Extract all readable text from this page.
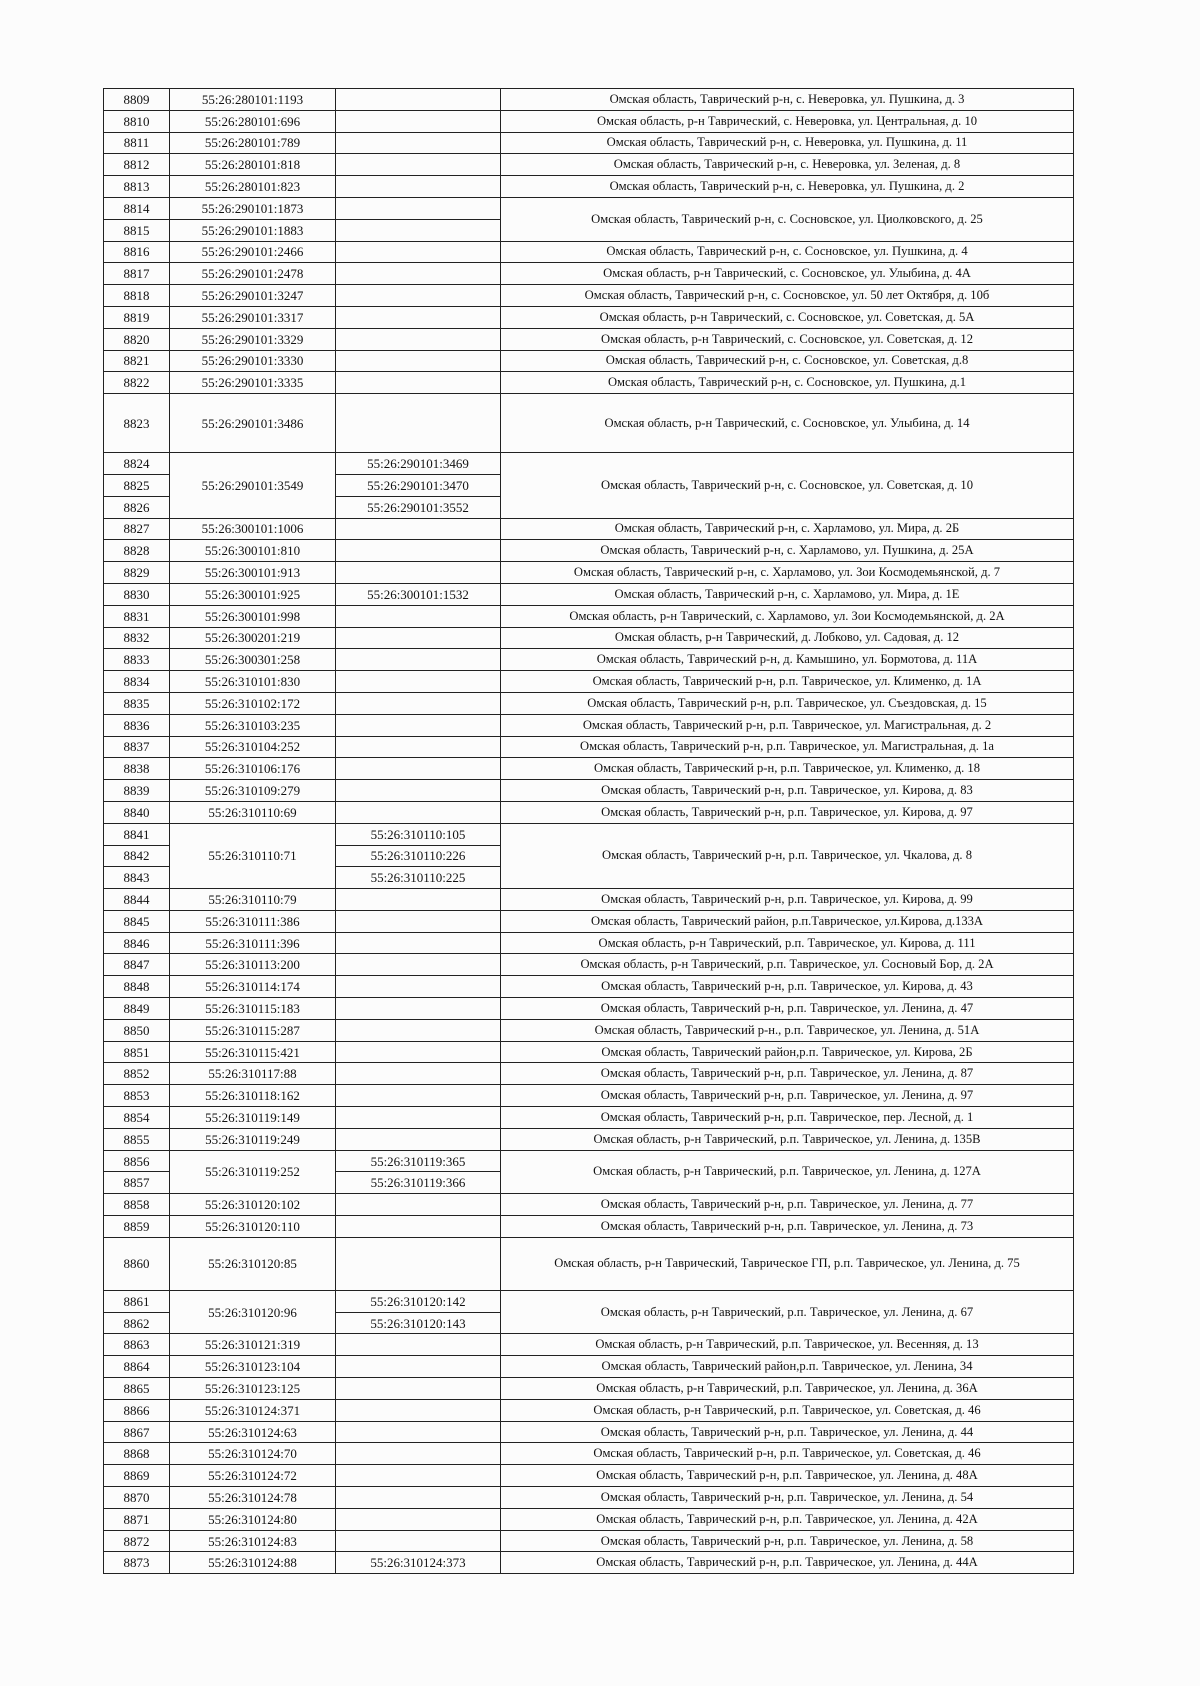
8809	55:26:280101:1193		Омская область, Таврический р-н, с. Неверовка, ул. Пушкина, д. 3
8810	55:26:280101:696		Омская область, р-н Таврический, с. Неверовка, ул. Центральная, д. 10
8811	55:26:280101:789		Омская область, Таврический р-н, с. Неверовка, ул. Пушкина, д. 11
8812	55:26:280101:818		Омская область, Таврический р-н, с. Неверовка, ул. Зеленая, д. 8
8813	55:26:280101:823		Омская область, Таврический р-н, с. Неверовка, ул. Пушкина, д. 2
8814	55:26:290101:1873		Омская область, Таврический р-н, с. Сосновское, ул. Циолковского, д. 25
8815	55:26:290101:1883		
8816	55:26:290101:2466		Омская область, Таврический р-н, с. Сосновское, ул. Пушкина, д. 4
8817	55:26:290101:2478		Омская область, р-н Таврический, с. Сосновское, ул. Улыбина, д. 4А
8818	55:26:290101:3247		Омская область, Таврический р-н, с. Сосновское, ул. 50 лет Октября, д. 10б
8819	55:26:290101:3317		Омская область, р-н Таврический, с. Сосновское, ул. Советская, д. 5А
8820	55:26:290101:3329		Омская область, р-н Таврический, с. Сосновское, ул. Советская, д. 12
8821	55:26:290101:3330		Омская область, Таврический р-н, с. Сосновское, ул. Советская, д.8
8822	55:26:290101:3335		Омская область, Таврический р-н, с. Сосновское, ул. Пушкина, д.1
8823	55:26:290101:3486		Омская область, р-н Таврический, с. Сосновское, ул. Улыбина, д. 14
8824	55:26:290101:3549	55:26:290101:3469	Омская область, Таврический р-н, с. Сосновское, ул. Советская, д. 10
8825		55:26:290101:3470	
8826		55:26:290101:3552	
8827	55:26:300101:1006		Омская область, Таврический р-н, с. Харламово, ул. Мира, д. 2Б
8828	55:26:300101:810		Омская область, Таврический р-н, с. Харламово, ул. Пушкина, д. 25А
8829	55:26:300101:913		Омская область, Таврический р-н, с. Харламово, ул. Зои Космодемьянской, д. 7
8830	55:26:300101:925	55:26:300101:1532	Омская область, Таврический р-н, с. Харламово, ул. Мира, д. 1Е
8831	55:26:300101:998		Омская область, р-н Таврический, с. Харламово, ул. Зои Космодемьянской, д. 2А
8832	55:26:300201:219		Омская область, р-н Таврический, д. Лобково, ул. Садовая, д. 12
8833	55:26:300301:258		Омская область, Таврический р-н, д. Камышино, ул. Бормотова, д. 11А
8834	55:26:310101:830		Омская область, Таврический р-н, р.п. Таврическое, ул. Клименко, д. 1А
8835	55:26:310102:172		Омская область, Таврический р-н, р.п. Таврическое, ул. Съездовская, д. 15
8836	55:26:310103:235		Омская область, Таврический р-н, р.п. Таврическое, ул. Магистральная, д. 2
8837	55:26:310104:252		Омская область, Таврический р-н, р.п. Таврическое, ул. Магистральная, д. 1а
8838	55:26:310106:176		Омская область, Таврический р-н, р.п. Таврическое, ул. Клименко, д. 18
8839	55:26:310109:279		Омская область, Таврический р-н, р.п. Таврическое, ул. Кирова, д. 83
8840	55:26:310110:69		Омская область, Таврический р-н, р.п. Таврическое, ул. Кирова, д. 97
8841	55:26:310110:71	55:26:310110:105	Омская область, Таврический р-н, р.п. Таврическое, ул. Чкалова, д. 8
8842		55:26:310110:226	
8843		55:26:310110:225	
8844	55:26:310110:79		Омская область, Таврический р-н, р.п. Таврическое, ул. Кирова, д. 99
8845	55:26:310111:386		Омская область, Таврический район, р.п.Таврическое, ул.Кирова, д.133А
8846	55:26:310111:396		Омская область, р-н Таврический, р.п. Таврическое, ул. Кирова, д. 111
8847	55:26:310113:200		Омская область, р-н Таврический, р.п. Таврическое, ул. Сосновый Бор, д. 2А
8848	55:26:310114:174		Омская область, Таврический р-н, р.п. Таврическое, ул. Кирова, д. 43
8849	55:26:310115:183		Омская область, Таврический р-н, р.п. Таврическое, ул. Ленина, д. 47
8850	55:26:310115:287		Омская область, Таврический р-н., р.п. Таврическое, ул. Ленина, д. 51А
8851	55:26:310115:421		Омская область, Таврический район,р.п. Таврическое, ул. Кирова, 2Б
8852	55:26:310117:88		Омская область, Таврический р-н, р.п. Таврическое, ул. Ленина, д. 87
8853	55:26:310118:162		Омская область, Таврический р-н, р.п. Таврическое, ул. Ленина, д. 97
8854	55:26:310119:149		Омская область, Таврический р-н, р.п. Таврическое, пер. Лесной, д. 1
8855	55:26:310119:249		Омская область, р-н Таврический, р.п. Таврическое, ул. Ленина, д. 135В
8856	55:26:310119:252	55:26:310119:365	Омская область, р-н Таврический, р.п. Таврическое, ул. Ленина, д. 127А
8857		55:26:310119:366	
8858	55:26:310120:102		Омская область, Таврический р-н, р.п. Таврическое, ул. Ленина, д. 77
8859	55:26:310120:110		Омская область, Таврический р-н, р.п. Таврическое, ул. Ленина, д. 73
8860	55:26:310120:85		Омская область, р-н Таврический, Таврическое ГП, р.п. Таврическое, ул. Ленина, д. 75
8861	55:26:310120:96	55:26:310120:142	Омская область, р-н Таврический, р.п. Таврическое, ул. Ленина, д. 67
8862		55:26:310120:143	
8863	55:26:310121:319		Омская область, р-н Таврический, р.п. Таврическое, ул. Весенняя, д. 13
8864	55:26:310123:104		Омская область, Таврический район,р.п. Таврическое, ул. Ленина, 34
8865	55:26:310123:125		Омская область, р-н Таврический, р.п. Таврическое, ул. Ленина, д. 36А
8866	55:26:310124:371		Омская область, р-н Таврический, р.п. Таврическое, ул. Советская, д. 46
8867	55:26:310124:63		Омская область, Таврический р-н, р.п. Таврическое, ул. Ленина, д. 44
8868	55:26:310124:70		Омская область, Таврический р-н, р.п. Таврическое, ул. Советская, д. 46
8869	55:26:310124:72		Омская область, Таврический р-н, р.п. Таврическое, ул. Ленина, д. 48А
8870	55:26:310124:78		Омская область, Таврический р-н, р.п. Таврическое, ул. Ленина, д. 54
8871	55:26:310124:80		Омская область, Таврический р-н, р.п. Таврическое, ул. Ленина, д. 42А
8872	55:26:310124:83		Омская область, Таврический р-н, р.п. Таврическое, ул. Ленина, д. 58
8873	55:26:310124:88	55:26:310124:373	Омская область, Таврический р-н, р.п. Таврическое, ул. Ленина, д. 44А
